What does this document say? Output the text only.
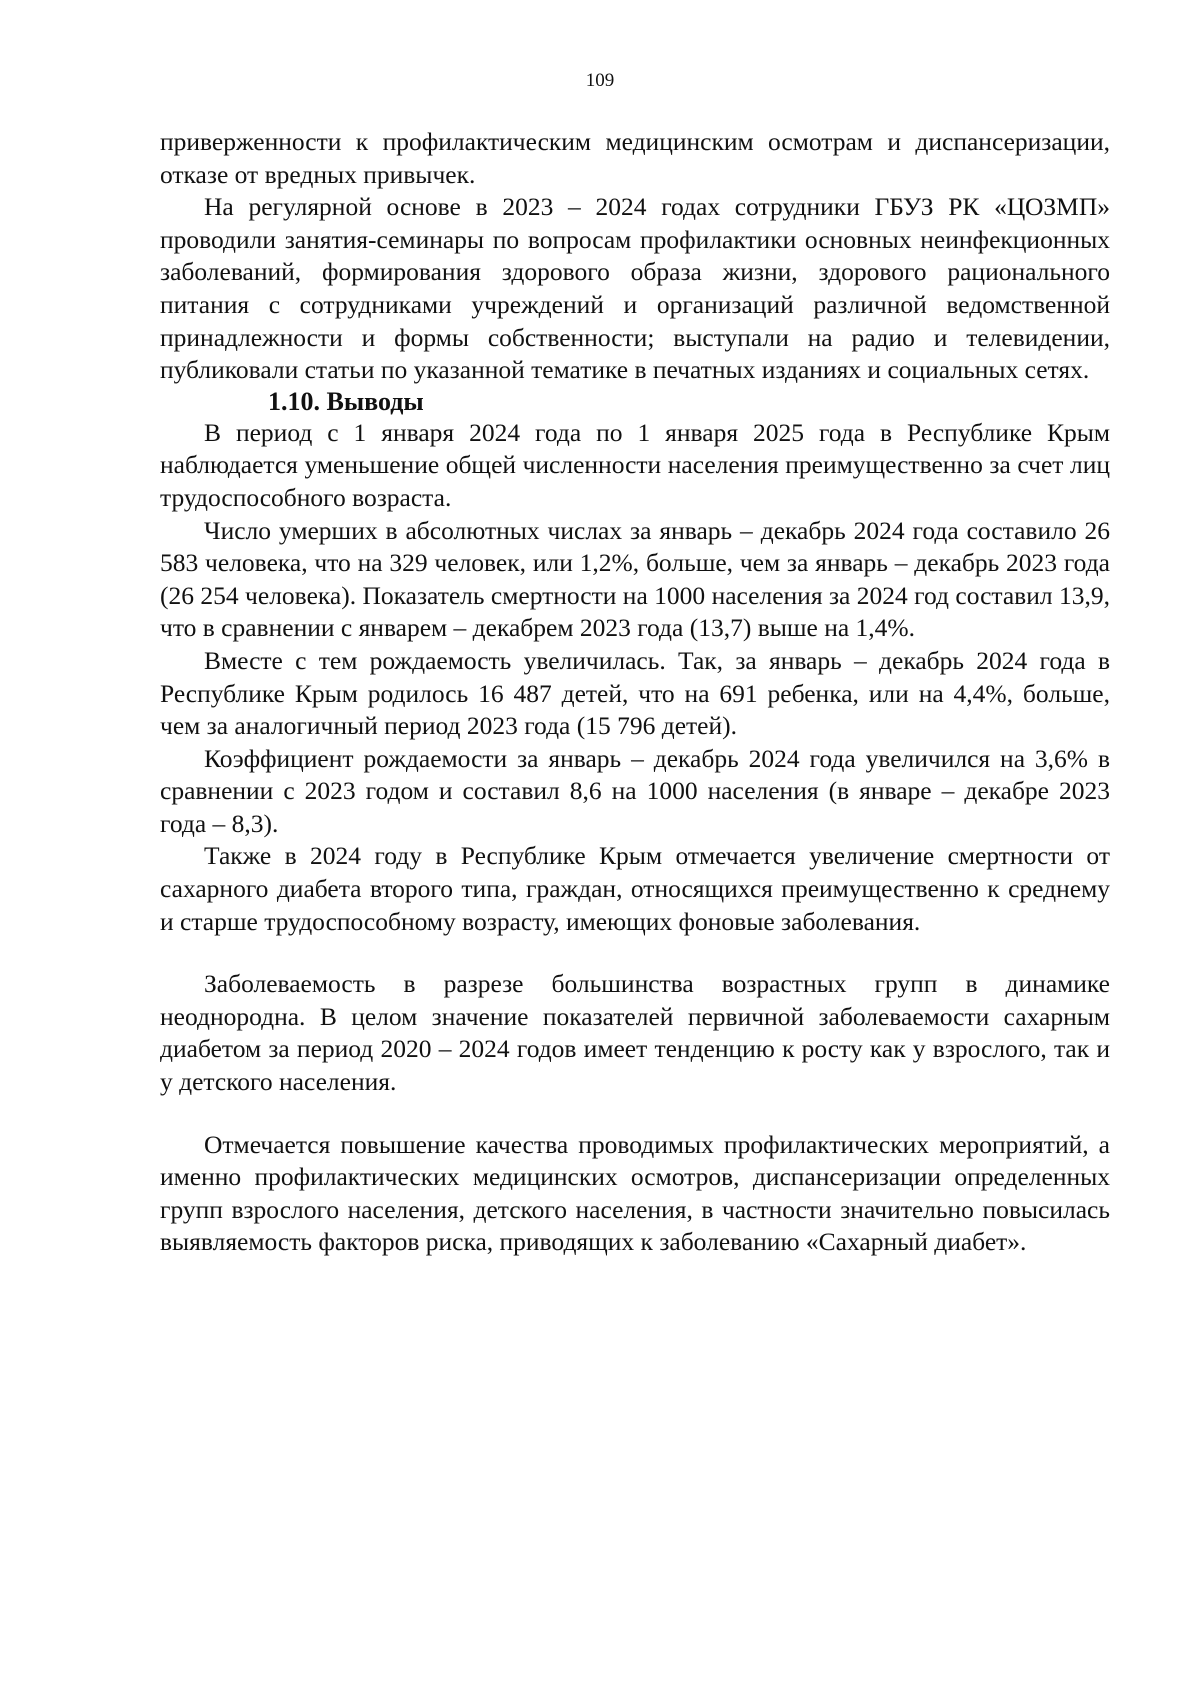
109

приверженности к профилактическим медицинским осмотрам и диспансеризации, отказе от вредных привычек.

На регулярной основе в 2023 – 2024 годах сотрудники ГБУЗ РК «ЦОЗМП» проводили занятия-семинары по вопросам профилактики основных неинфекционных заболеваний, формирования здорового образа жизни, здорового рационального питания с сотрудниками учреждений и организаций различной ведомственной принадлежности и формы собственности; выступали на радио и телевидении, публиковали статьи по указанной тематике в печатных изданиях и социальных сетях.

1.10. Выводы

В период с 1 января 2024 года по 1 января 2025 года в Республике Крым наблюдается уменьшение общей численности населения преимущественно за счет лиц трудоспособного возраста.

Число умерших в абсолютных числах за январь – декабрь 2024 года составило 26 583 человека, что на 329 человек, или 1,2%, больше, чем за январь – декабрь 2023 года (26 254 человека). Показатель смертности на 1000 населения за 2024 год составил 13,9, что в сравнении с январем – декабрем 2023 года (13,7) выше на 1,4%.

Вместе с тем рождаемость увеличилась. Так, за январь – декабрь 2024 года в Республике Крым родилось 16 487 детей, что на 691 ребенка, или на 4,4%, больше, чем за аналогичный период 2023 года (15 796 детей).

Коэффициент рождаемости за январь – декабрь 2024 года увеличился на 3,6% в сравнении с 2023 годом и составил 8,6 на 1000 населения (в январе – декабре 2023 года – 8,3).

Также в 2024 году в Республике Крым отмечается увеличение смертности от сахарного диабета второго типа, граждан, относящихся преимущественно к среднему и старше трудоспособному возрасту, имеющих фоновые заболевания.

Заболеваемость в разрезе большинства возрастных групп в динамике неоднородна. В целом значение показателей первичной заболеваемости сахарным диабетом за период 2020 – 2024 годов имеет тенденцию к росту как у взрослого, так и у детского населения.

Отмечается повышение качества проводимых профилактических мероприятий, а именно профилактических медицинских осмотров, диспансеризации определенных групп взрослого населения, детского населения, в частности значительно повысилась выявляемость факторов риска, приводящих к заболеванию «Сахарный диабет».
